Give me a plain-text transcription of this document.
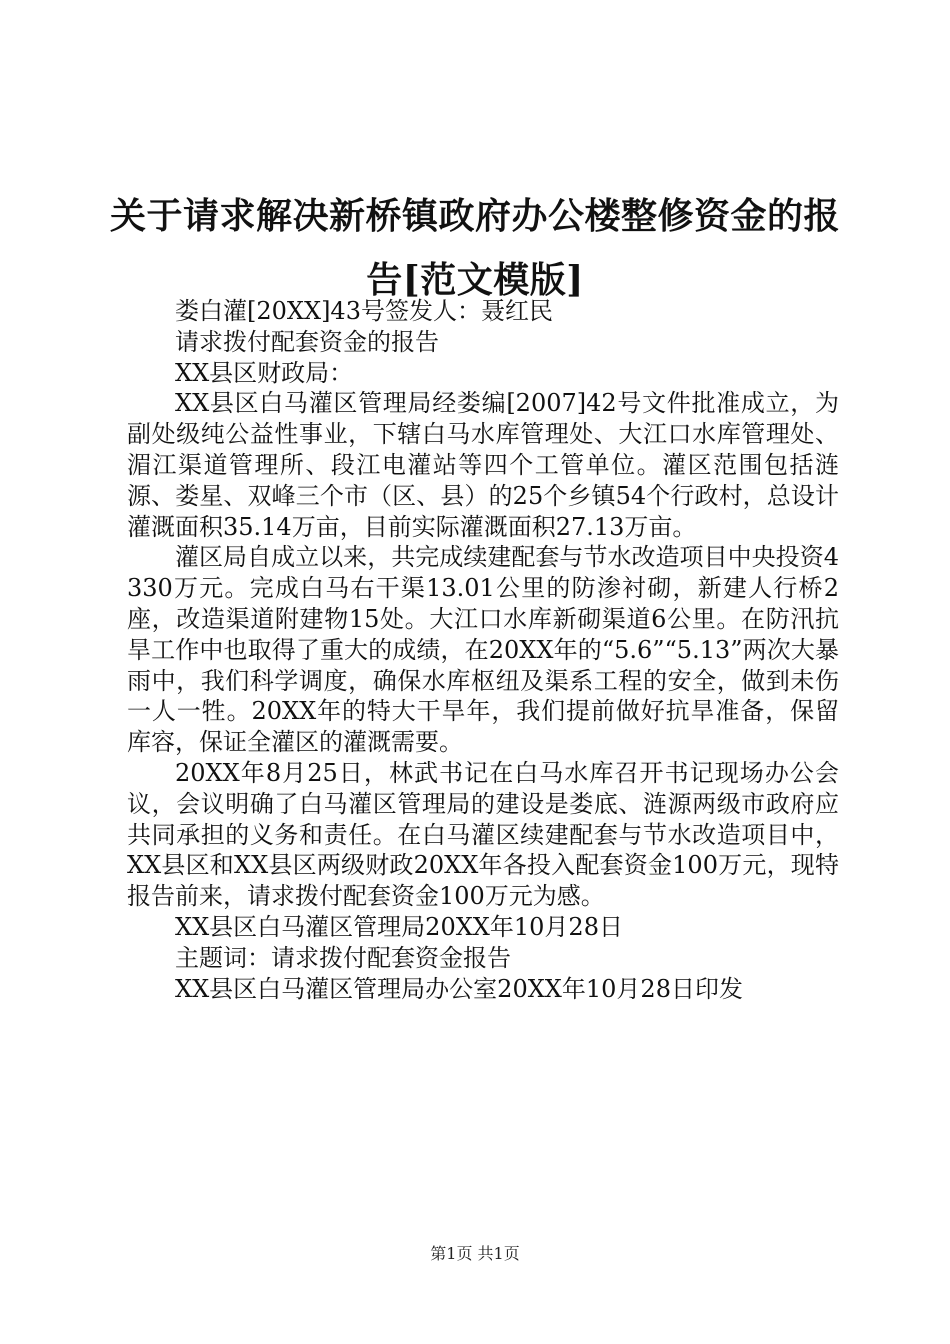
关于请求解决新桥镇政府办公楼整修资金的报告[范文模版]

娄白灌[20XX]43号签发人：聂红民

请求拨付配套资金的报告

XX县区财政局：

XX县区白马灌区管理局经娄编[2007]42号文件批准成立，为副处级纯公益性事业，下辖白马水库管理处、大江口水库管理处、湄江渠道管理所、段江电灌站等四个工管单位。灌区范围包括涟源、娄星、双峰三个市（区、县）的25个乡镇54个行政村，总设计灌溉面积35.14万亩，目前实际灌溉面积27.13万亩。

灌区局自成立以来，共完成续建配套与节水改造项目中央投资4330万元。完成白马右干渠13.01公里的防渗衬砌，新建人行桥2座，改造渠道附建物15处。大江口水库新砌渠道6公里。在防汛抗旱工作中也取得了重大的成绩，在20XX年的“5.6”“5.13”两次大暴雨中，我们科学调度，确保水库枢纽及渠系工程的安全，做到未伤一人一牲。20XX年的特大干旱年，我们提前做好抗旱准备，保留库容，保证全灌区的灌溉需要。

20XX年8月25日，林武书记在白马水库召开书记现场办公会议，会议明确了白马灌区管理局的建设是娄底、涟源两级市政府应共同承担的义务和责任。在白马灌区续建配套与节水改造项目中，XX县区和XX县区两级财政20XX年各投入配套资金100万元，现特报告前来，请求拨付配套资金100万元为感。

XX县区白马灌区管理局20XX年10月28日

主题词：请求拨付配套资金报告

XX县区白马灌区管理局办公室20XX年10月28日印发

第1页 共1页
